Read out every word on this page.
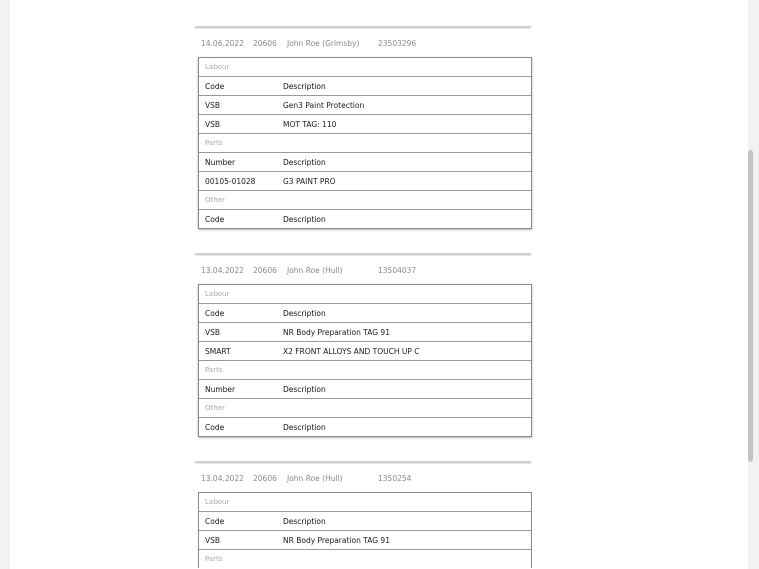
14.06.2022	20606	John Roe (Grimsby)	23503296
Labour
Code	Description
VSB	Gen3 Paint Protection
VSB	MOT TAG: 110
Parts
Number	Description
00105-01028	G3 PAINT PRO
Other
Code	Description
13.04.2022	20606	John Roe (Hull)	13504037
Labour
Code	Description
VSB	NR Body Preparation TAG 91
SMART	X2 FRONT ALLOYS AND TOUCH UP C
Parts
Number	Description
Other
Code	Description
13.04.2022	20606	John Roe (Hull)	1350254
Labour
Code	Description
VSB	NR Body Preparation TAG 91
Parts
